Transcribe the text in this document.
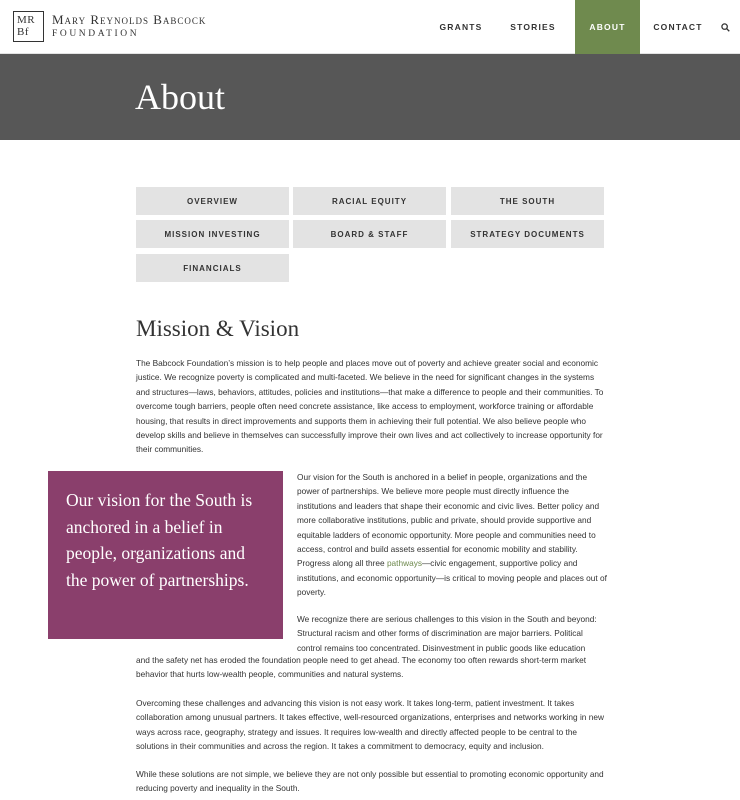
MR
Bf
Mary Reynolds Babcock
FOUNDATION
GRANTS	STORIES	ABOUT	CONTACT
About
OVERVIEW	RACIAL EQUITY	THE SOUTH
MISSION INVESTING	BOARD & STAFF	STRATEGY DOCUMENTS
FINANCIALS
Mission & Vision

The Babcock Foundation’s mission is to help people and places move out of poverty and achieve greater social and economic justice. We recognize poverty is complicated and multi-faceted. We believe in the need for significant changes in the systems and structures—laws, behaviors, attitudes, policies and institutions—that make a difference to people and their communities. To overcome tough barriers, people often need concrete assistance, like access to employment, workforce training or affordable housing, that results in direct improvements and supports them in achieving their full potential. We also believe people who develop skills and believe in themselves can successfully improve their own lives and act collectively to increase opportunity for their communities.

Our vision for the South is anchored in a belief in people, organizations and the power of partnerships.

Our vision for the South is anchored in a belief in people, organizations and the power of partnerships. We believe more people must directly influence the institutions and leaders that shape their economic and civic lives. Better policy and more collaborative institutions, public and private, should provide supportive and equitable ladders of economic opportunity. More people and communities need to access, control and build assets essential for economic mobility and stability. Progress along all three pathways—civic engagement, supportive policy and institutions, and economic opportunity—is critical to moving people and places out of poverty.

We recognize there are serious challenges to this vision in the South and beyond: Structural racism and other forms of discrimination are major barriers. Political control remains too concentrated. Disinvestment in public goods like education

and the safety net has eroded the foundation people need to get ahead. The economy too often rewards short-term market behavior that hurts low-wealth people, communities and natural systems.

Overcoming these challenges and advancing this vision is not easy work. It takes long-term, patient investment. It takes collaboration among unusual partners. It takes effective, well-resourced organizations, enterprises and networks working in new ways across race, geography, strategy and issues. It requires low-wealth and directly affected people to be central to the solutions in their communities and across the region. It takes a commitment to democracy, equity and inclusion.

While these solutions are not simple, we believe they are not only possible but essential to promoting economic opportunity and reducing poverty and inequality in the South.
